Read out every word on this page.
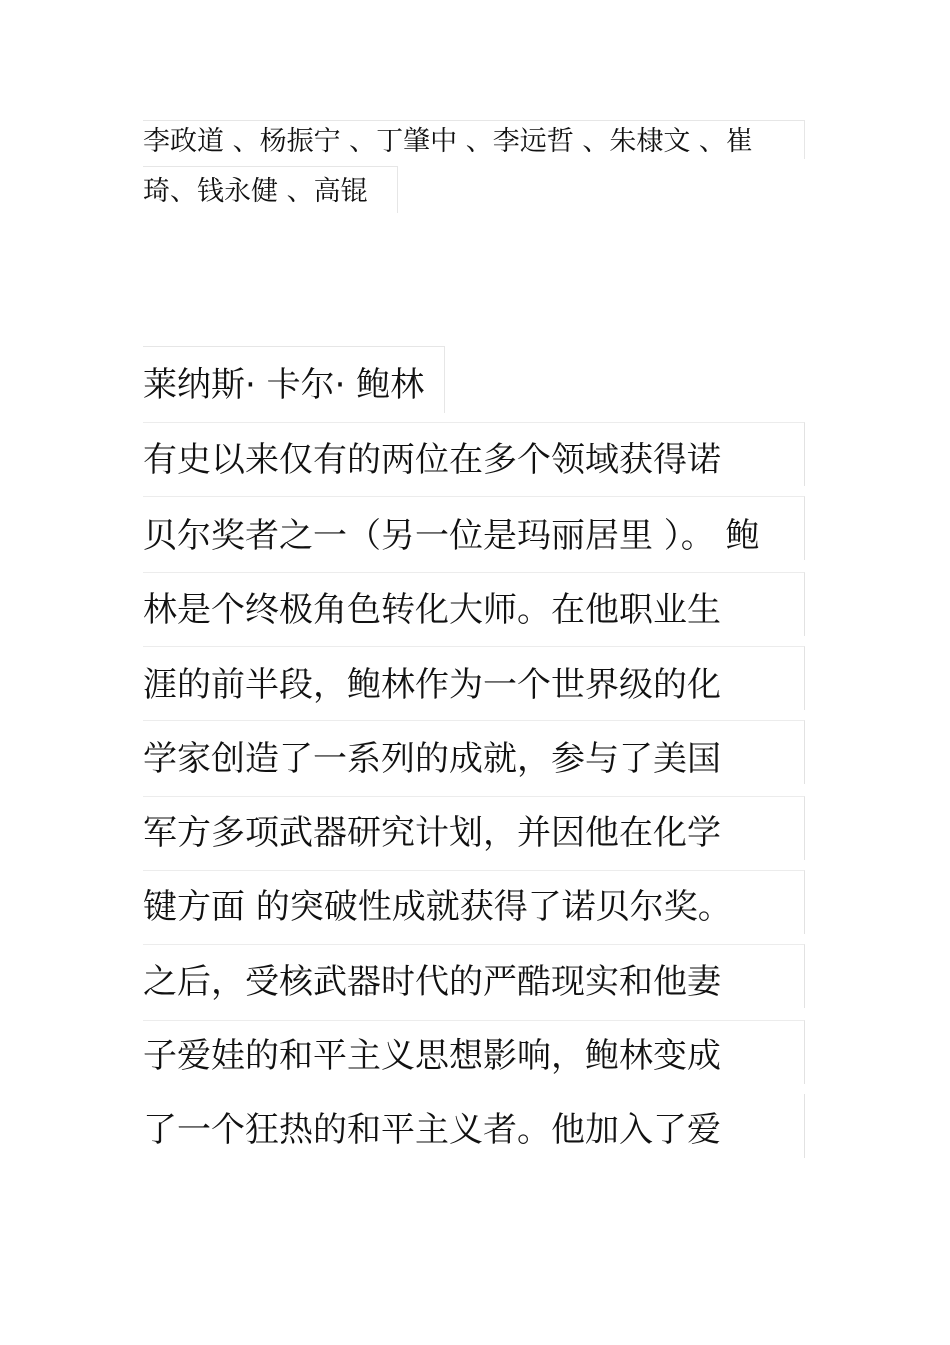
李政道 、杨振宁 、丁肇中 、李远哲 、朱棣文 、崔
琦、钱永健 、高锟
莱纳斯· 卡尔· 鲍林
有史以来仅有的两位在多个领域获得诺
贝尔奖者之一（另一位是玛丽居里 ）。 鲍
林是个终极角色转化大师。在他职业生
涯的前半段，鲍林作为一个世界级的化
学家创造了一系列的成就，参与了美国
军方多项武器研究计划，并因他在化学
键方面 的突破性成就获得了诺贝尔奖。
之后，受核武器时代的严酷现实和他妻
子爱娃的和平主义思想影响，鲍林变成
了一个狂热的和平主义者。他加入了爱
